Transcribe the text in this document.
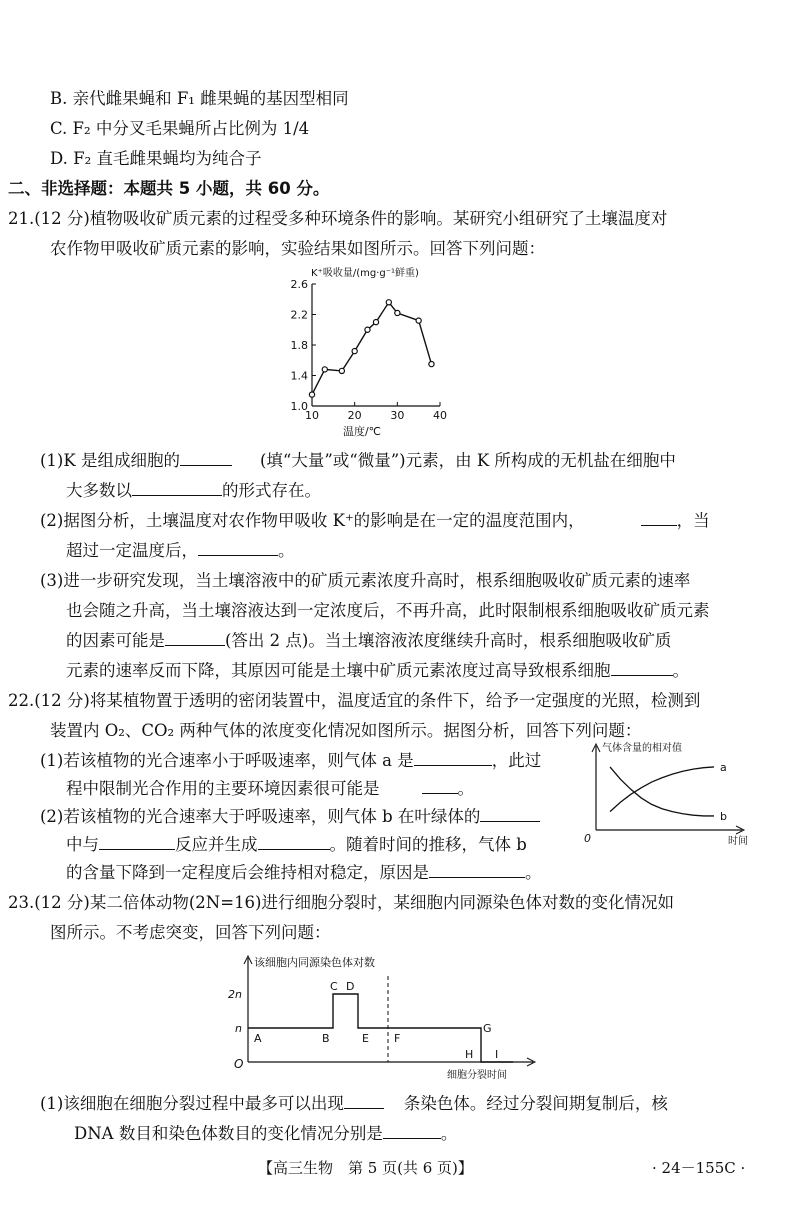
B. 亲代雌果蝇和 F₁ 雌果蝇的基因型相同
C. F₂ 中分叉毛果蝇所占比例为 1/4
D. F₂ 直毛雌果蝇均为纯合子
二、非选择题：本题共 5 小题，共 60 分。
21.(12 分)植物吸收矿质元素的过程受多种环境条件的影响。某研究小组研究了土壤温度对
农作物甲吸收矿质元素的影响，实验结果如图所示。回答下列问题：
K⁺吸收量/(mg·g⁻¹鲜重)
1.0
1.4
1.8
2.2
2.6
10	20	30	40
温度/℃
(1)K 是组成细胞的	(填“大量”或“微量”)元素，由 K 所构成的无机盐在细胞中
大多数以	的形式存在。
(2)据图分析，土壤温度对农作物甲吸收 K⁺的影响是在一定的温度范围内，	，当
超过一定温度后，	。
(3)进一步研究发现，当土壤溶液中的矿质元素浓度升高时，根系细胞吸收矿质元素的速率
也会随之升高，当土壤溶液达到一定浓度后，不再升高，此时限制根系细胞吸收矿质元素
的因素可能是	(答出 2 点)。当土壤溶液浓度继续升高时，根系细胞吸收矿质
元素的速率反而下降，其原因可能是土壤中矿质元素浓度过高导致根系细胞	。
22.(12 分)将某植物置于透明的密闭装置中，温度适宜的条件下，给予一定强度的光照，检测到
装置内 O₂、CO₂ 两种气体的浓度变化情况如图所示。据图分析，回答下列问题：
(1)若该植物的光合速率小于呼吸速率，则气体 a 是	，此过
程中限制光合作用的主要环境因素很可能是	。
(2)若该植物的光合速率大于呼吸速率，则气体 b 在叶绿体的
中与	反应并生成	。随着时间的推移，气体 b
的含量下降到一定程度后会维持相对稳定，原因是	。
气体含量的相对值
时间
0
a
b
23.(12 分)某二倍体动物(2N=16)进行细胞分裂时，某细胞内同源染色体对数的变化情况如
图所示。不考虑突变，回答下列问题：
该细胞内同源染色体对数
细胞分裂时间
O
n
2n
A	B
C D
E F
G
H I
(1)该细胞在细胞分裂过程中最多可以出现	条染色体。经过分裂间期复制后，核
DNA 数目和染色体数目的变化情况分别是	。
【高三生物　第 5 页(共 6 页)】	· 24－155C ·
